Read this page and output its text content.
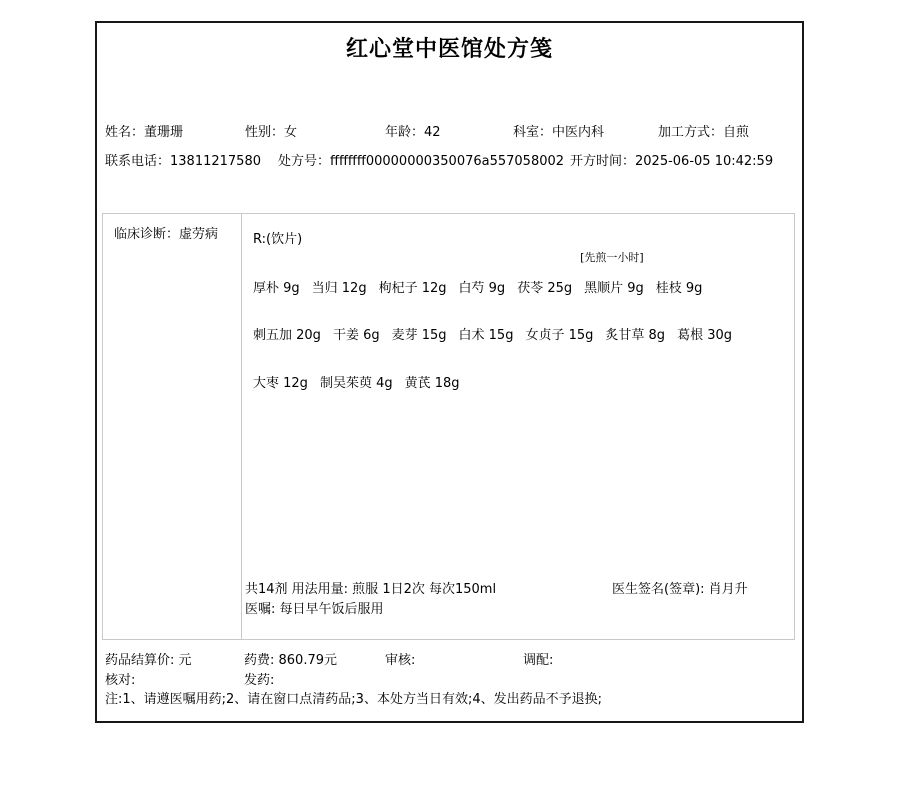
红心堂中医馆处方笺
姓名：董珊珊	性别：女	年龄：42	科室：中医内科	加工方式：自煎
联系电话：13811217580 处方号：ffffffff00000000350076a557058002 开方时间：2025-06-05 10:42:59
临床诊断：虚劳病	R:(饮片)
厚朴 9g 当归 12g 枸杞子 12g 白芍 9g 茯苓 25g 黑顺片 9g
[先煎一小时]
桂枝 9g
刺五加 20g 干姜 6g 麦芽 15g 白术 15g 女贞子 15g 炙甘草 8g 葛根 30g
大枣 12g 制吴茱萸 4g 黄芪 18g
共14剂 用法用量: 煎服 1日2次 每次150ml	医生签名(签章): 肖月升
医嘱: 每日早午饭后服用
药品结算价: 元	药费: 860.79元	审核:	调配:
核对:	发药:
注:1、请遵医嘱用药;2、请在窗口点清药品;3、本处方当日有效;4、发出药品不予退换;
